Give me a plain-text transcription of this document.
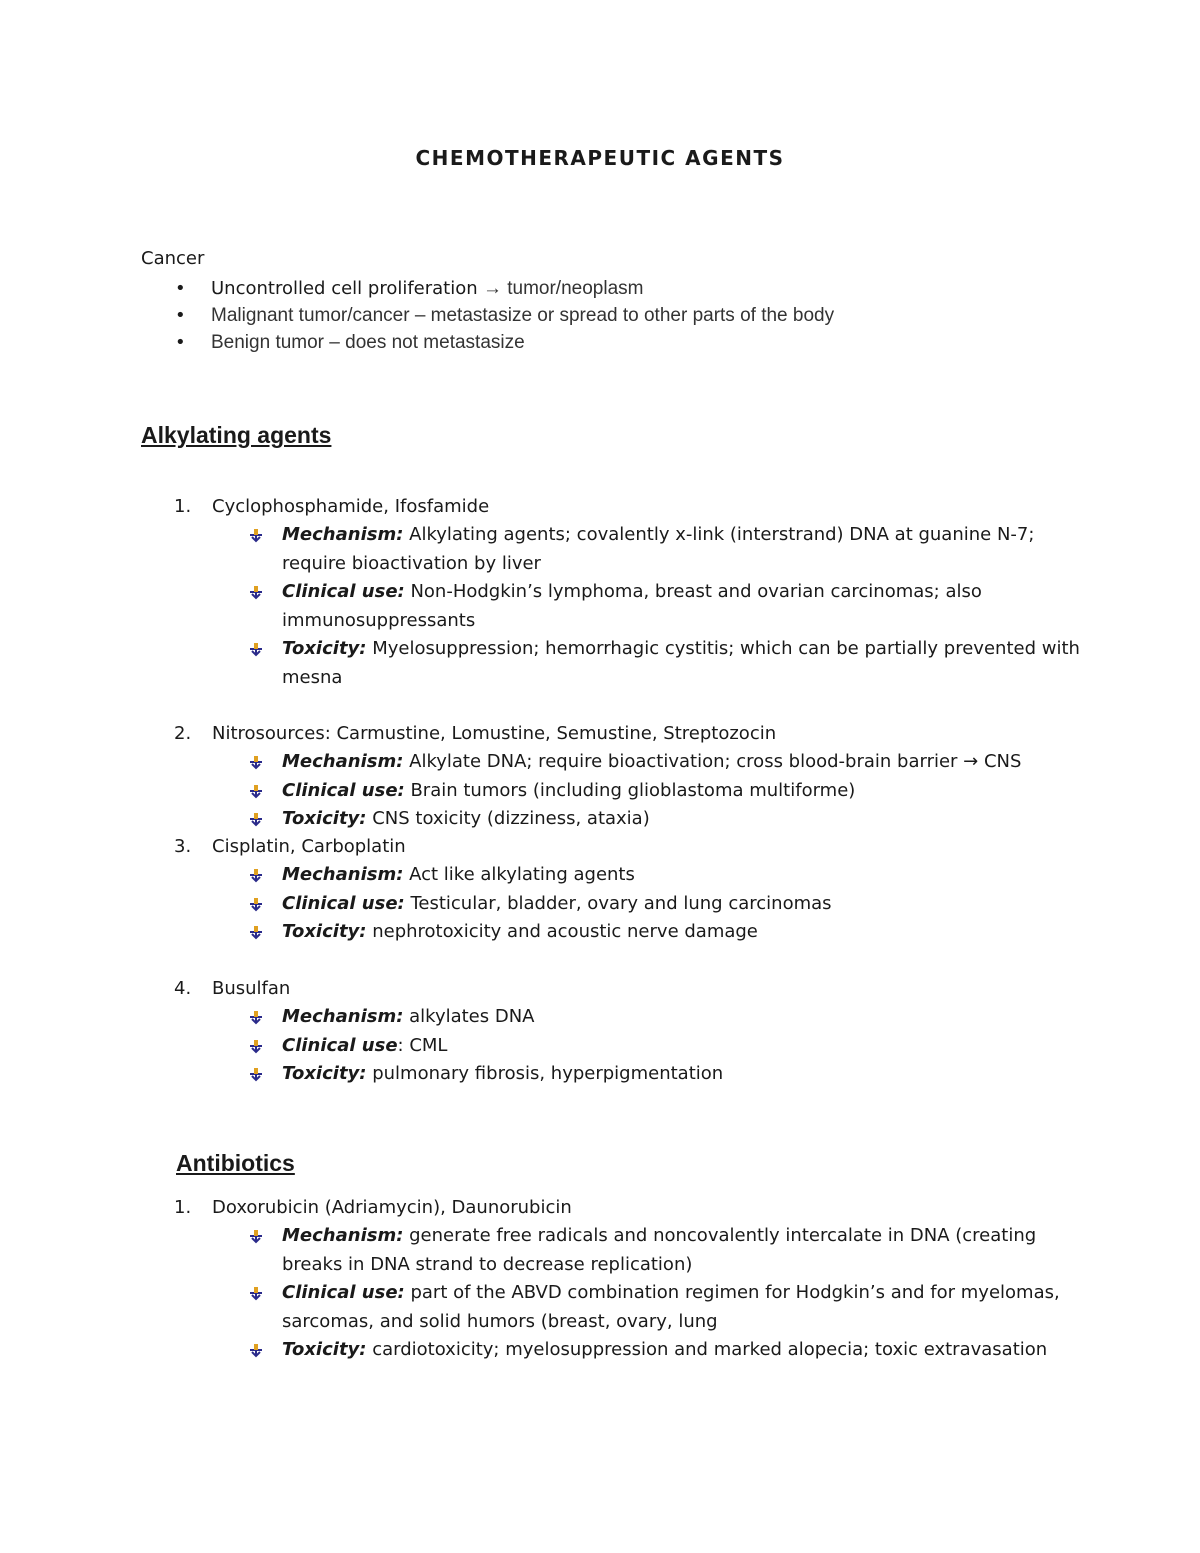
CHEMOTHERAPEUTIC AGENTS
Cancer
• Uncontrolled cell proliferation → tumor/neoplasm
• Malignant tumor/cancer – metastasize or spread to other parts of the body
• Benign tumor – does not metastasize
Alkylating agents
1. Cyclophosphamide, Ifosfamide
Mechanism: Alkylating agents; covalently x-link (interstrand) DNA at guanine N-7; require bioactivation by liver
Clinical use: Non-Hodgkin’s lymphoma, breast and ovarian carcinomas; also immunosuppressants
Toxicity: Myelosuppression; hemorrhagic cystitis; which can be partially prevented with mesna
2. Nitrosources: Carmustine, Lomustine, Semustine, Streptozocin
Mechanism: Alkylate DNA; require bioactivation; cross blood-brain barrier → CNS
Clinical use: Brain tumors (including glioblastoma multiforme)
Toxicity: CNS toxicity (dizziness, ataxia)
3. Cisplatin, Carboplatin
Mechanism: Act like alkylating agents
Clinical use: Testicular, bladder, ovary and lung carcinomas
Toxicity: nephrotoxicity and acoustic nerve damage
4. Busulfan
Mechanism: alkylates DNA
Clinical use: CML
Toxicity: pulmonary fibrosis, hyperpigmentation
Antibiotics
1. Doxorubicin (Adriamycin), Daunorubicin
Mechanism: generate free radicals and noncovalently intercalate in DNA (creating breaks in DNA strand to decrease replication)
Clinical use: part of the ABVD combination regimen for Hodgkin’s and for myelomas, sarcomas, and solid humors (breast, ovary, lung
Toxicity: cardiotoxicity; myelosuppression and marked alopecia; toxic extravasation
